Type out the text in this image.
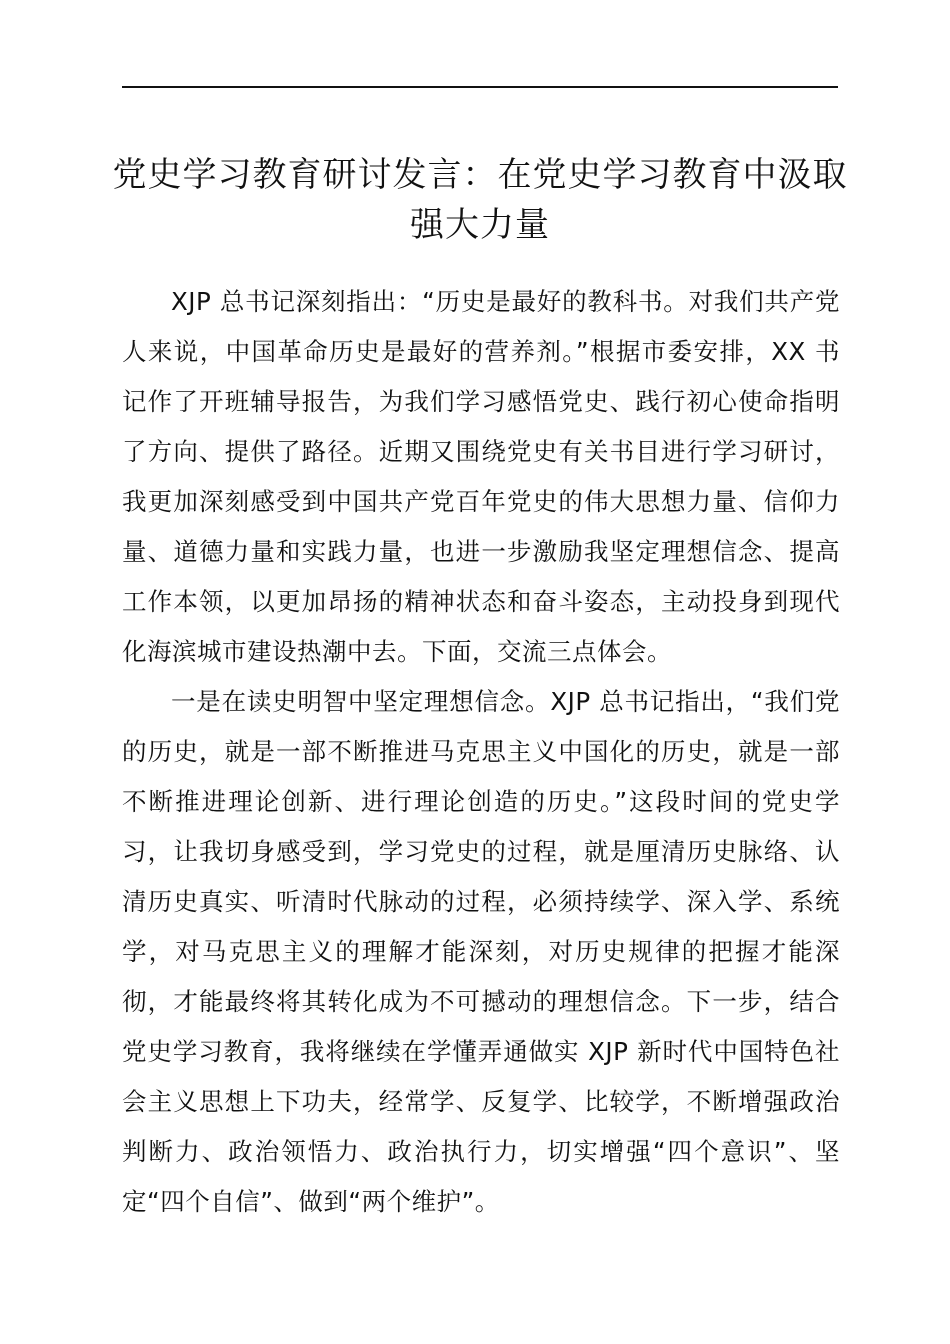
党史学习教育研讨发言：在党史学习教育中汲取强大力量

XJP 总书记深刻指出：“历史是最好的教科书。对我们共产党人来说，中国革命历史是最好的营养剂。”根据市委安排，XX 书记作了开班辅导报告，为我们学习感悟党史、践行初心使命指明了方向、提供了路径。近期又围绕党史有关书目进行学习研讨，我更加深刻感受到中国共产党百年党史的伟大思想力量、信仰力量、道德力量和实践力量，也进一步激励我坚定理想信念、提高工作本领，以更加昂扬的精神状态和奋斗姿态，主动投身到现代化海滨城市建设热潮中去。下面，交流三点体会。

一是在读史明智中坚定理想信念。XJP 总书记指出，“我们党的历史，就是一部不断推进马克思主义中国化的历史，就是一部不断推进理论创新、进行理论创造的历史。”这段时间的党史学习，让我切身感受到，学习党史的过程，就是厘清历史脉络、认清历史真实、听清时代脉动的过程，必须持续学、深入学、系统学，对马克思主义的理解才能深刻，对历史规律的把握才能深彻，才能最终将其转化成为不可撼动的理想信念。下一步，结合党史学习教育，我将继续在学懂弄通做实 XJP 新时代中国特色社会主义思想上下功夫，经常学、反复学、比较学，不断增强政治判断力、政治领悟力、政治执行力，切实增强“四个意识”、坚定“四个自信”、做到“两个维护”。
